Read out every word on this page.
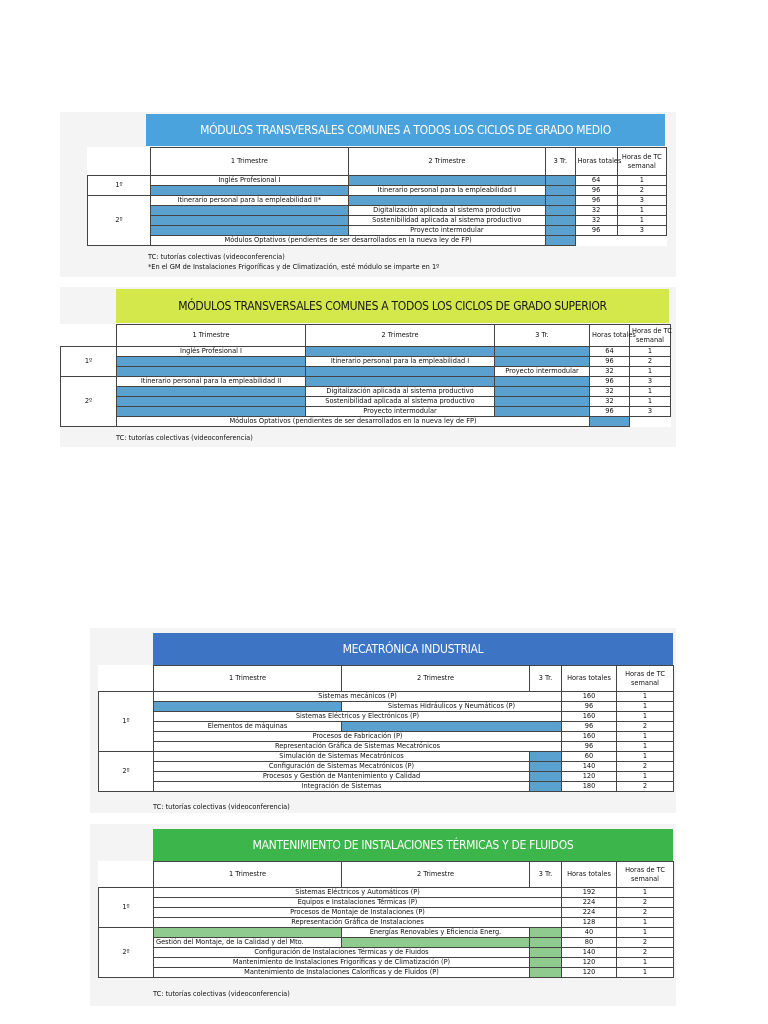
MÓDULOS TRANSVERSALES COMUNES A TODOS LOS CICLOS DE GRADO MEDIO
	1 Trimestre	2 Trimestre	3 Tr.	Horas totales	Horas de TC
semanal
1º	Inglés Profesional I			64	1
		Itinerario personal para la empleabilidad I		96	2
2º	Itinerario personal para la empleabilidad II*			96	3
		Digitalización aplicada al sistema productivo		32	1
		Sostenibilidad aplicada al sistema productivo		32	1
		Proyecto intermodular		96	3
	Módulos Optativos (pendientes de ser desarrollados en la nueva ley de FP)				
TC: tutorías colectivas (videoconferencia)
*En el GM de Instalaciones Frigoríficas y de Climatización, esté módulo se imparte en 1º
MÓDULOS TRANSVERSALES COMUNES A TODOS LOS CICLOS DE GRADO SUPERIOR
	1 Trimestre	2 Trimestre	3 Tr.	Horas totales	Horas de TC
semanal	
1º	Inglés Profesional I			64	1	
		Itinerario personal para la empleabilidad I		96	2	
			Proyecto intermodular	32	1	
2º	Itinerario personal para la empleabilidad II			96	3	
		Digitalización aplicada al sistema productivo		32	1	
		Sostenibilidad aplicada al sistema productivo		32	1	
		Proyecto intermodular		96	3	
	Módulos Optativos (pendientes de ser desarrollados en la nueva ley de FP)					
TC: tutorías colectivas (videoconferencia)
MECATRÓNICA INDUSTRIAL
	1 Trimestre	2 Trimestre	3 Tr.	Horas totales	Horas de TC
semanal
1º	Sistemas mecánicos (P)			160	1
		Sistemas Hidráulicos y Neumáticos (P)		96	1
	Sistemas Eléctricos y Electrónicos (P)			160	1
	Elementos de máquinas			96	2
	Procesos de Fabricación (P)			160	1
	Representación Gráfica de Sistemas Mecatrónicos			96	1
2º	Simulación de Sistemas Mecatrónicos			60	1
	Configuración de Sistemas Mecatrónicos (P)			140	2
	Procesos y Gestión de Mantenimiento y Calidad			120	1
	Integración de Sistemas			180	2
TC: tutorías colectivas (videoconferencia)
MANTENIMIENTO DE INSTALACIONES TÉRMICAS Y DE FLUIDOS
	1 Trimestre	2 Trimestre	3 Tr.	Horas totales	Horas de TC
semanal
1º	Sistemas Eléctricos y Automáticos (P)			192	1
	Equipos e Instalaciones Térmicas (P)			224	2
	Procesos de Montaje de Instalaciones (P)			224	2
	Representación Gráfica de Instalaciones			128	1
2º		Energías Renovables y Eficiencia Energ.		40	1
	Gestión del Montaje, de la Calidad y del Mto.			80	2
	Configuración de Instalaciones Térmicas y de Fluidos			140	2
	Mantenimiento de Instalaciones Frigoríficas y de Climatización (P)			120	1
	Mantenimiento de Instalaciones Caloríficas y de Fluidos (P)			120	1
TC: tutorías colectivas (videoconferencia)
